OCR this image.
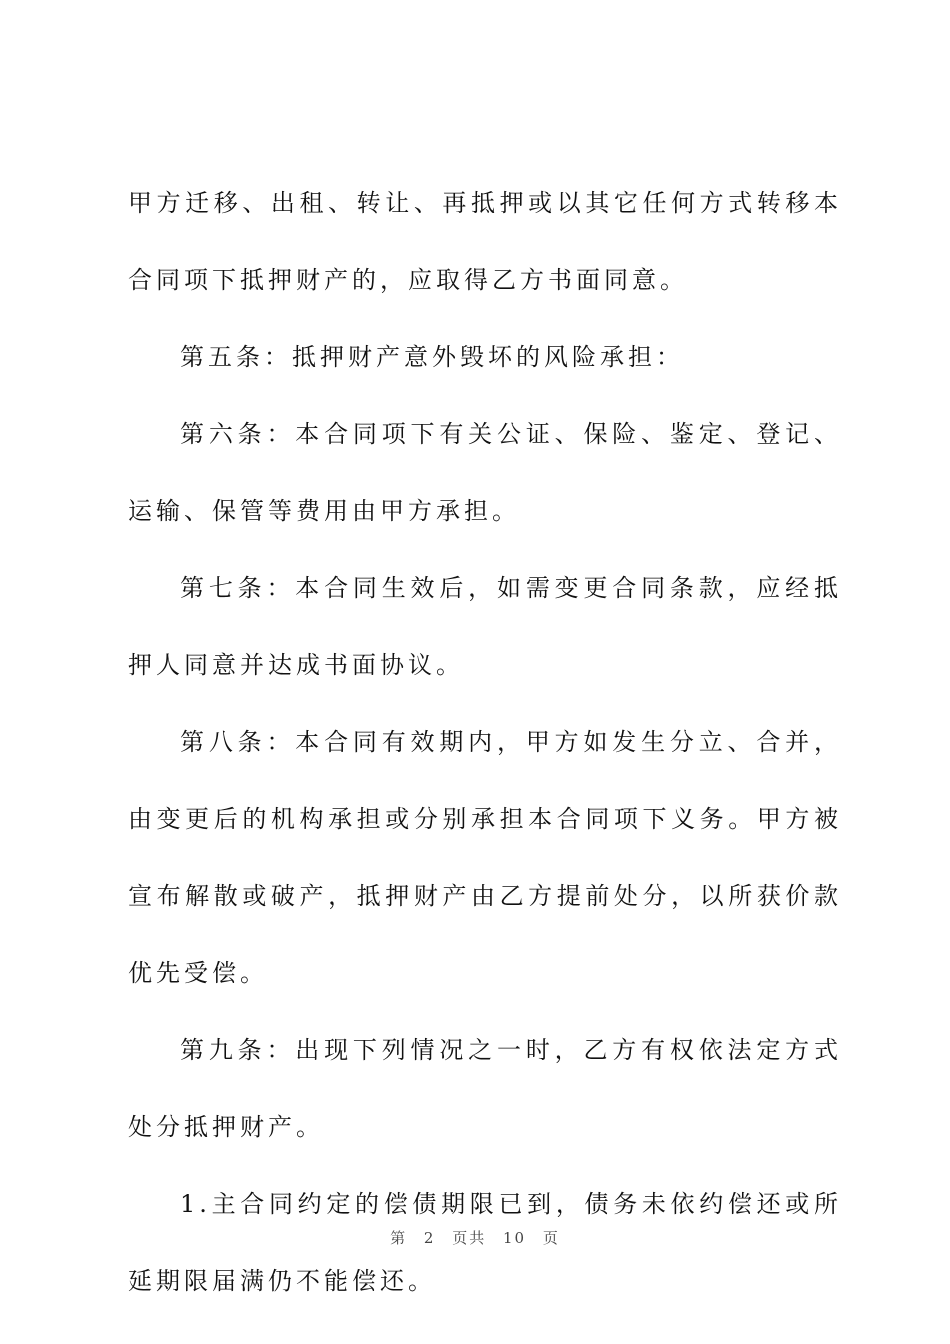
甲方迁移、出租、转让、再抵押或以其它任何方式转移本合同项下抵押财产的，应取得乙方书面同意。

第五条：抵押财产意外毁坏的风险承担：

第六条：本合同项下有关公证、保险、鉴定、登记、运输、保管等费用由甲方承担。

第七条：本合同生效后，如需变更合同条款，应经抵押人同意并达成书面协议。

第八条：本合同有效期内，甲方如发生分立、合并，由变更后的机构承担或分别承担本合同项下义务。甲方被宣布解散或破产，抵押财产由乙方提前处分，以所获价款优先受偿。

第九条：出现下列情况之一时，乙方有权依法定方式处分抵押财产。

1.主合同约定的偿债期限已到，债务未依约偿还或所延期限届满仍不能偿还。

第 2 页共 10 页
